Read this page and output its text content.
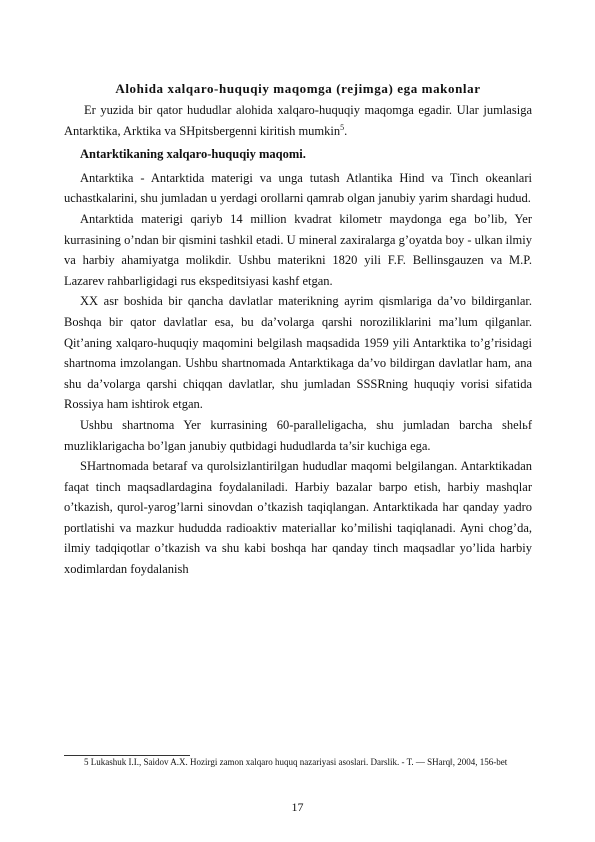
Alohida xalqaro-huquqiy maqomga (rejimga) ega makonlar

Er yuzida bir qator hududlar alohida xalqaro-huquqiy maqomga egadir. Ular jumlasiga Antarktika, Arktika va SHpitsbergenni kiritish mumkin$^5$.

Antarktikaning xalqaro-huquqiy maqomi.

Antarktika - Antarktida materigi va unga tutash Atlantika Hind va Tinch okeanlari uchastkalarini, shu jumladan u yerdagi orollarni qamrab olgan janubiy yarim shardagi hudud.

Antarktida materigi qariyb 14 million kvadrat kilometr maydonga ega bo’lib, Yer kurrasining o’ndan bir qismini tashkil etadi. U mineral zaxiralarga g’oyatda boy - ulkan ilmiy va harbiy ahamiyatga molikdir. Ushbu materikni 1820 yili F.F. Bellinsgauzen va M.P. Lazarev rahbarligidagi rus ekspeditsiyasi kashf etgan.

XX asr boshida bir qancha davlatlar materikning ayrim qismlariga da’vo bildirganlar. Boshqa bir qator davlatlar esa, bu da’volarga qarshi noroziliklarini ma’lum qilganlar. Qit’aning xalqaro-huquqiy maqomini belgilash maqsadida 1959 yili Antarktika to’g’risidagi shartnoma imzolangan. Ushbu shartnomada Antarktikaga da’vo bildirgan davlatlar ham, ana shu da’volarga qarshi chiqqan davlatlar, shu jumladan SSSRning huquqiy vorisi sifatida Rossiya ham ishtirok etgan.

Ushbu shartnoma Yer kurrasining 60-paralleligacha, shu jumladan barcha shelьf muzliklarigacha bo’lgan janubiy qutbidagi hududlarda ta’sir kuchiga ega.

SHartnomada betaraf va qurolsizlantirilgan hududlar maqomi belgilangan. Antarktikadan faqat tinch maqsadlardagina foydalaniladi. Harbiy bazalar barpo etish, harbiy mashqlar o’tkazish, qurol-yarog’larni sinovdan o’tkazish taqiqlangan. Antarktikada har qanday yadro portlatishi va mazkur hududda radioaktiv materiallar ko’milishi taqiqlanadi. Ayni chog’da, ilmiy tadqiqotlar o’tkazish va shu kabi boshqa har qanday tinch maqsadlar yo’lida harbiy xodimlardan foydalanish

5 Lukashuk I.I., Saidov A.X. Hozirgi zamon xalqaro huquq nazariyasi asoslari. Darslik. - T. — SHarq‖, 2004, 156-bet
17
